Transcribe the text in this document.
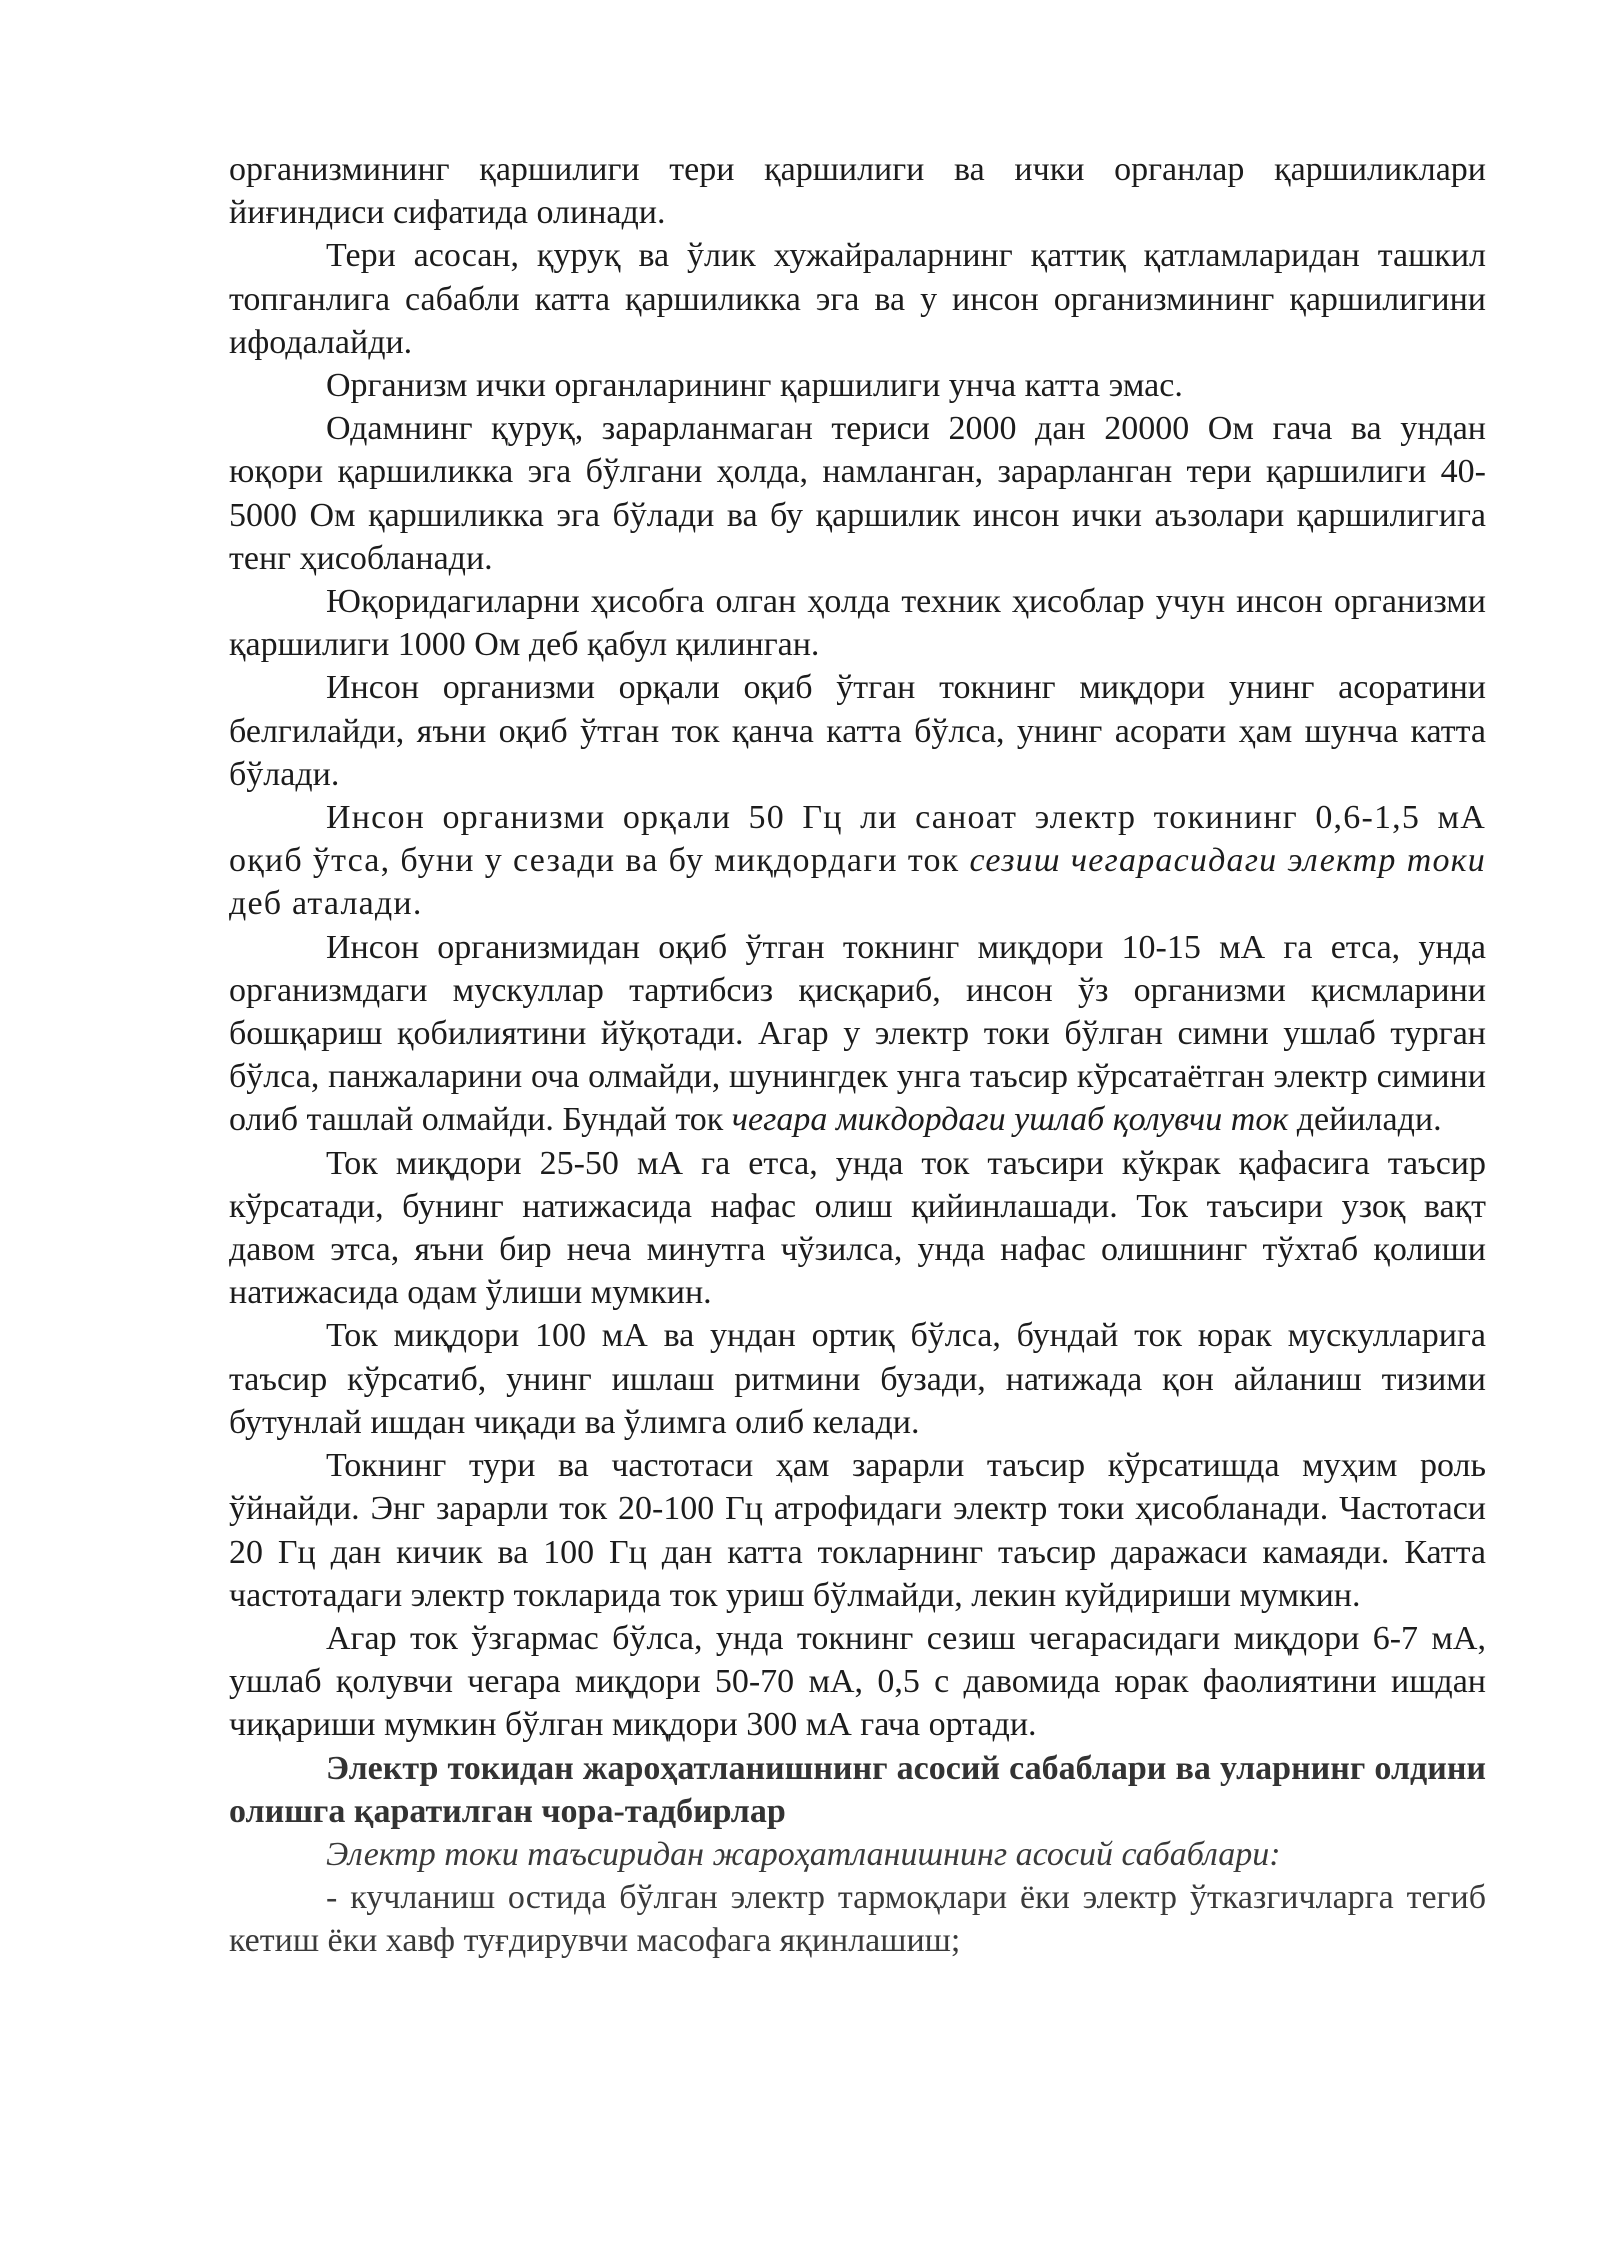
организмининг қаршилиги тери қаршилиги ва ички органлар қаршиликлари йиғиндиси сифатида олинади.

Тери асосан, қуруқ ва ўлик хужайраларнинг қаттиқ қатламларидан ташкил топганлига сабабли катта қаршиликка эга ва у инсон организмининг қаршилигини ифодалайди.

Организм ички органларининг қаршилиги унча катта эмас.

Одамнинг қуруқ, зарарланмаган териси 2000 дан 20000 Ом гача ва ундан юқори қаршиликка эга бўлгани ҳолда, намланган, зарарланган тери қаршилиги 40-5000 Ом қаршиликка эга бўлади ва бу қаршилик инсон ички аъзолари қаршилигига тенг ҳисобланади.

Юқоридагиларни ҳисобга олган ҳолда техник ҳисоблар учун инсон организми қаршилиги 1000 Ом деб қабул қилинган.

Инсон организми орқали оқиб ўтган токнинг миқдори унинг асоратини белгилайди, яъни оқиб ўтган ток қанча катта бўлса, унинг асорати ҳам шунча катта бўлади.

Инсон организми орқали 50 Гц ли саноат электр токининг 0,6-1,5 мА оқиб ўтса, буни у сезади ва бу миқдордаги ток сезиш чегарасидаги электр токи деб аталади.

Инсон организмидан оқиб ўтган токнинг миқдори 10-15 мА га етса, унда организмдаги мускуллар тартибсиз қисқариб, инсон ўз организми қисмларини бошқариш қобилиятини йўқотади. Агар у электр токи бўлган симни ушлаб турган бўлса, панжаларини оча олмайди, шунингдек унга таъсир кўрсатаётган электр симини олиб ташлай олмайди. Бундай ток чегара микдордаги ушлаб қолувчи ток дейилади.

Ток миқдори 25-50 мА га етса, унда ток таъсири кўкрак қафасига таъсир кўрсатади, бунинг натижасида нафас олиш қийинлашади. Ток таъсири узоқ вақт давом этса, яъни бир неча минутга чўзилса, унда нафас олишнинг тўхтаб қолиши натижасида одам ўлиши мумкин.

Ток миқдори 100 мА ва ундан ортиқ бўлса, бундай ток юрак мускулларига таъсир кўрсатиб, унинг ишлаш ритмини бузади, натижада қон айланиш тизими бутунлай ишдан чиқади ва ўлимга олиб келади.

Токнинг тури ва частотаси ҳам зарарли таъсир кўрсатишда муҳим роль ўйнайди. Энг зарарли ток 20-100 Гц атрофидаги электр токи ҳисобланади. Частотаси 20 Гц дан кичик ва 100 Гц дан катта токларнинг таъсир даражаси камаяди. Катта частотадаги электр токларида ток уриш бўлмайди, лекин куйдириши мумкин.

Агар ток ўзгармас бўлса, унда токнинг сезиш чегарасидаги миқдори 6-7 мА, ушлаб қолувчи чегара миқдори 50-70 мА, 0,5 с давомида юрак фаолиятини ишдан чиқариши мумкин бўлган миқдори 300 мА гача ортади.

Электр токидан жароҳатланишнинг асосий сабаблари ва уларнинг олдини олишга қаратилган чора-тадбирлар

Электр токи таъсиридан жароҳатланишнинг асосий сабаблари:

- кучланиш остида бўлган электр тармоқлари ёки электр ўтказгичларга тегиб кетиш ёки хавф туғдирувчи масофага яқинлашиш;
